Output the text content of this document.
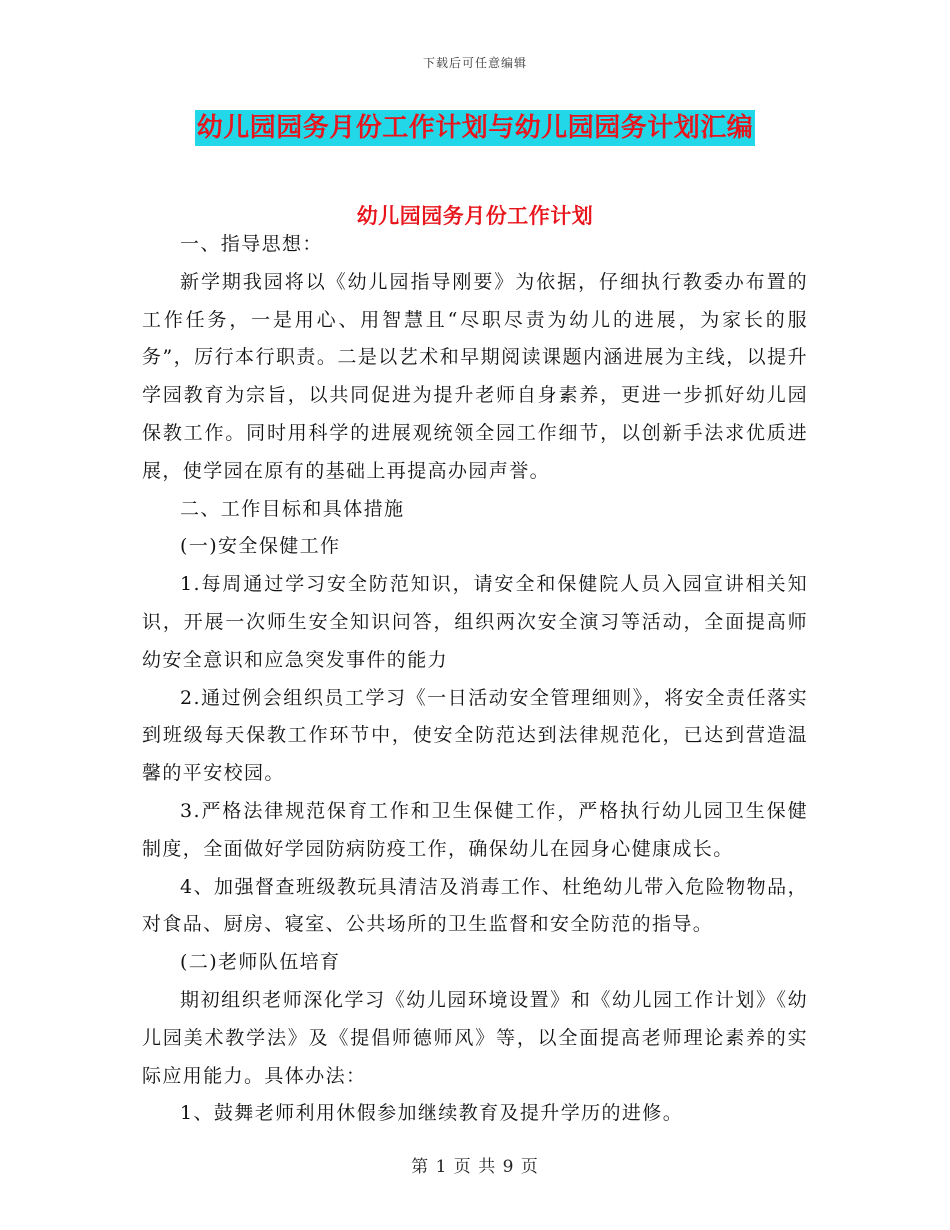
下载后可任意编辑
幼儿园园务月份工作计划与幼儿园园务计划汇编
幼儿园园务月份工作计划

一、指导思想：

新学期我园将以《幼儿园指导刚要》为依据，仔细执行教委办布置的工作任务，一是用心、用智慧且“尽职尽责为幼儿的进展，为家长的服务”，厉行本行职责。二是以艺术和早期阅读课题内涵进展为主线，以提升学园教育为宗旨，以共同促进为提升老师自身素养，更进一步抓好幼儿园保教工作。同时用科学的进展观统领全园工作细节，以创新手法求优质进展，使学园在原有的基础上再提高办园声誉。

二、工作目标和具体措施

(一)安全保健工作

1.每周通过学习安全防范知识，请安全和保健院人员入园宣讲相关知识，开展一次师生安全知识问答，组织两次安全演习等活动，全面提高师幼安全意识和应急突发事件的能力

2.通过例会组织员工学习《一日活动安全管理细则》，将安全责任落实到班级每天保教工作环节中，使安全防范达到法律规范化，已达到营造温馨的平安校园。

3.严格法律规范保育工作和卫生保健工作，严格执行幼儿园卫生保健制度，全面做好学园防病防疫工作，确保幼儿在园身心健康成长。

4、加强督查班级教玩具清洁及消毒工作、杜绝幼儿带入危险物物品，对食品、厨房、寝室、公共场所的卫生监督和安全防范的指导。

(二)老师队伍培育

期初组织老师深化学习《幼儿园环境设置》和《幼儿园工作计划》《幼儿园美术教学法》及《提倡师德师风》等，以全面提高老师理论素养的实际应用能力。具体办法：

1、鼓舞老师利用休假参加继续教育及提升学历的进修。

第 1 页 共 9 页
